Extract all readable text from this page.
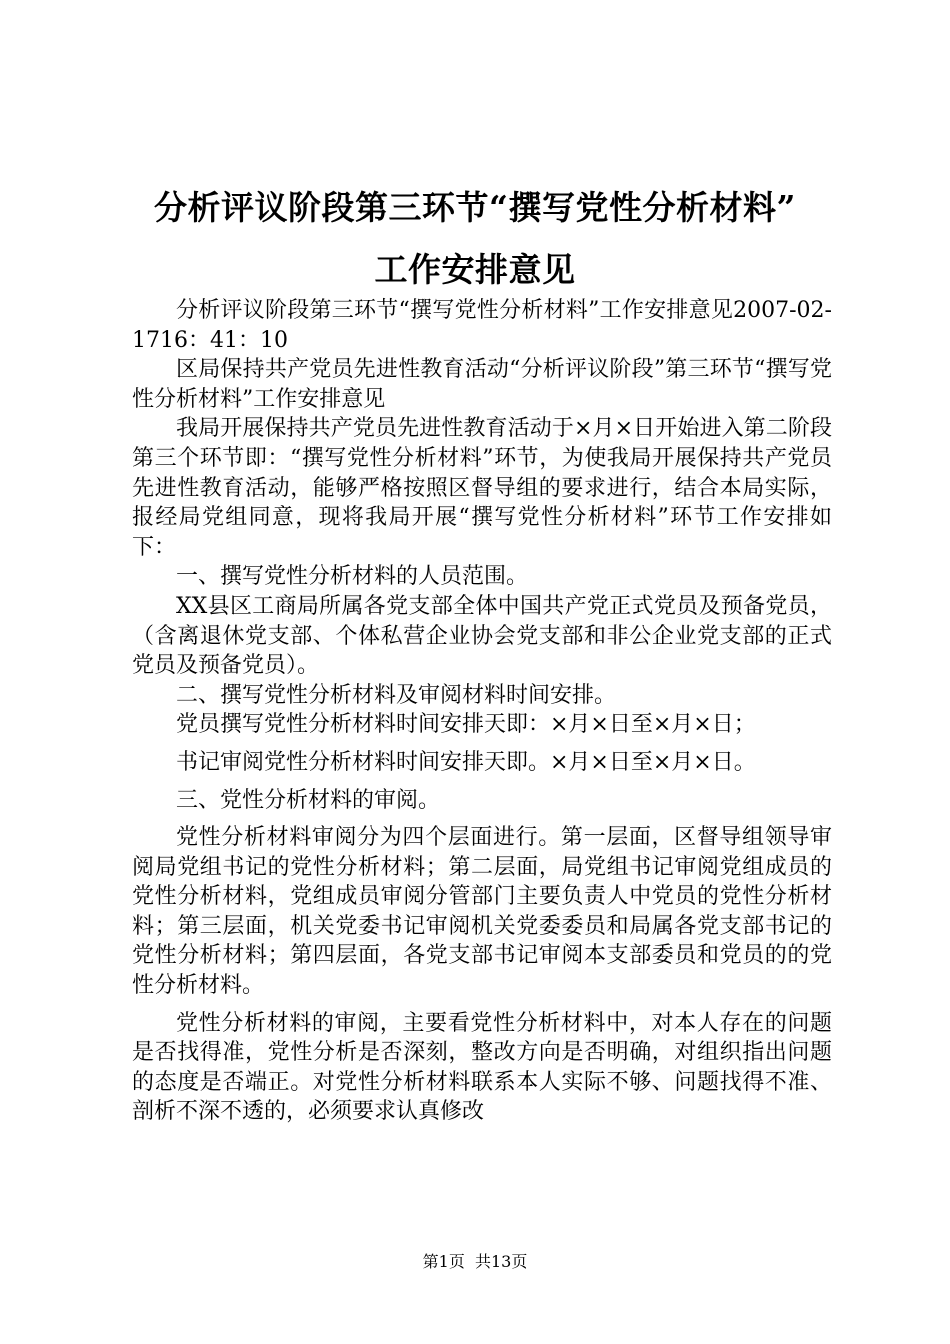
分析评议阶段第三环节“撰写党性分析材料”
工作安排意见

分析评议阶段第三环节“撰写党性分析材料”工作安排意见2007-02-1716：41：10

区局保持共产党员先进性教育活动“分析评议阶段”第三环节“撰写党性分析材料”工作安排意见

我局开展保持共产党员先进性教育活动于×月×日开始进入第二阶段第三个环节即：“撰写党性分析材料”环节，为使我局开展保持共产党员先进性教育活动，能够严格按照区督导组的要求进行，结合本局实际，报经局党组同意，现将我局开展“撰写党性分析材料”环节工作安排如下：

一、撰写党性分析材料的人员范围。

XX县区工商局所属各党支部全体中国共产党正式党员及预备党员，（含离退休党支部、个体私营企业协会党支部和非公企业党支部的正式党员及预备党员）。

二、撰写党性分析材料及审阅材料时间安排。

党员撰写党性分析材料时间安排天即：×月×日至×月×日；

书记审阅党性分析材料时间安排天即。×月×日至×月×日。

三、党性分析材料的审阅。

党性分析材料审阅分为四个层面进行。第一层面，区督导组领导审阅局党组书记的党性分析材料；第二层面，局党组书记审阅党组成员的党性分析材料，党组成员审阅分管部门主要负责人中党员的党性分析材料；第三层面，机关党委书记审阅机关党委委员和局属各党支部书记的党性分析材料；第四层面，各党支部书记审阅本支部委员和党员的的党性分析材料。

党性分析材料的审阅，主要看党性分析材料中，对本人存在的问题是否找得准，党性分析是否深刻，整改方向是否明确，对组织指出问题的态度是否端正。对党性分析材料联系本人实际不够、问题找得不准、剖析不深不透的，必须要求认真修改

第1页  共13页
